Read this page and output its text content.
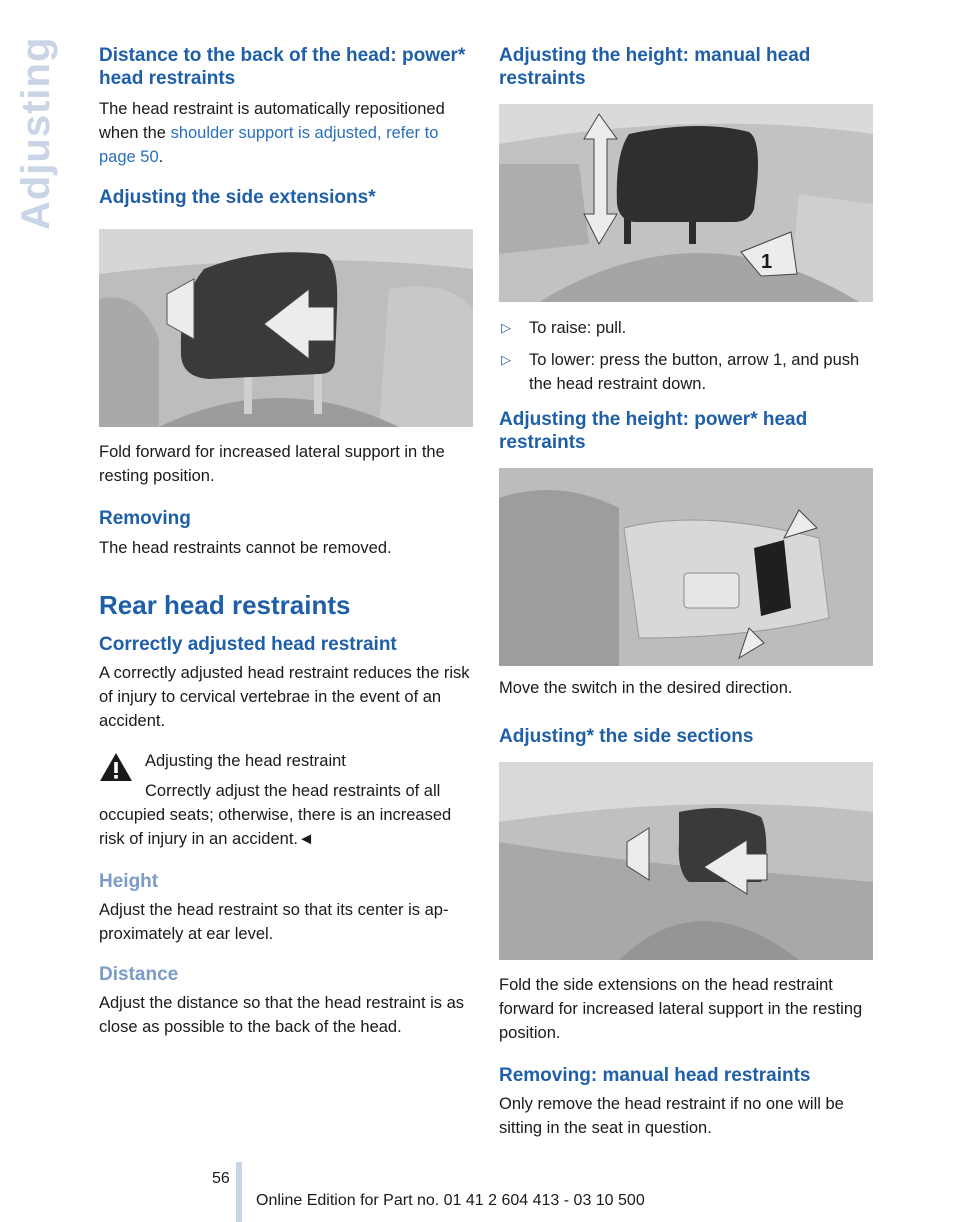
Adjusting Distance to the back of the head: power* head restraints

The head restraint is automatically repositioned when the shoulder support is adjusted, refer to page 50.

Adjusting the side extensions*

Fold forward for increased lateral support in the resting position.

Removing

The head restraints cannot be removed.

Rear head restraints
Correctly adjusted head restraint

A correctly adjusted head restraint reduces the risk of injury to cervical vertebrae in the event of an accident.

Adjusting the head restraint

Correctly adjust the head restraints of all

occupied seats; otherwise, there is an increased risk of injury in an accident.◄

Height

Adjust the head restraint so that its center is approximately at ear level.

Distance

Adjust the distance so that the head restraint is as close as possible to the back of the head.

Adjusting the height: manual head restraints
1
▷ To raise: pull.
▷ To lower: press the button, arrow 1, and push the head restraint down.
Adjusting the height: power* head restraints

Move the switch in the desired direction.

Adjusting* the side sections

Fold the side extensions on the head restraint forward for increased lateral support in the resting position.

Removing: manual head restraints

Only remove the head restraint if no one will be sitting in the seat in question.

56
Online Edition for Part no. 01 41 2 604 413 - 03 10 500
